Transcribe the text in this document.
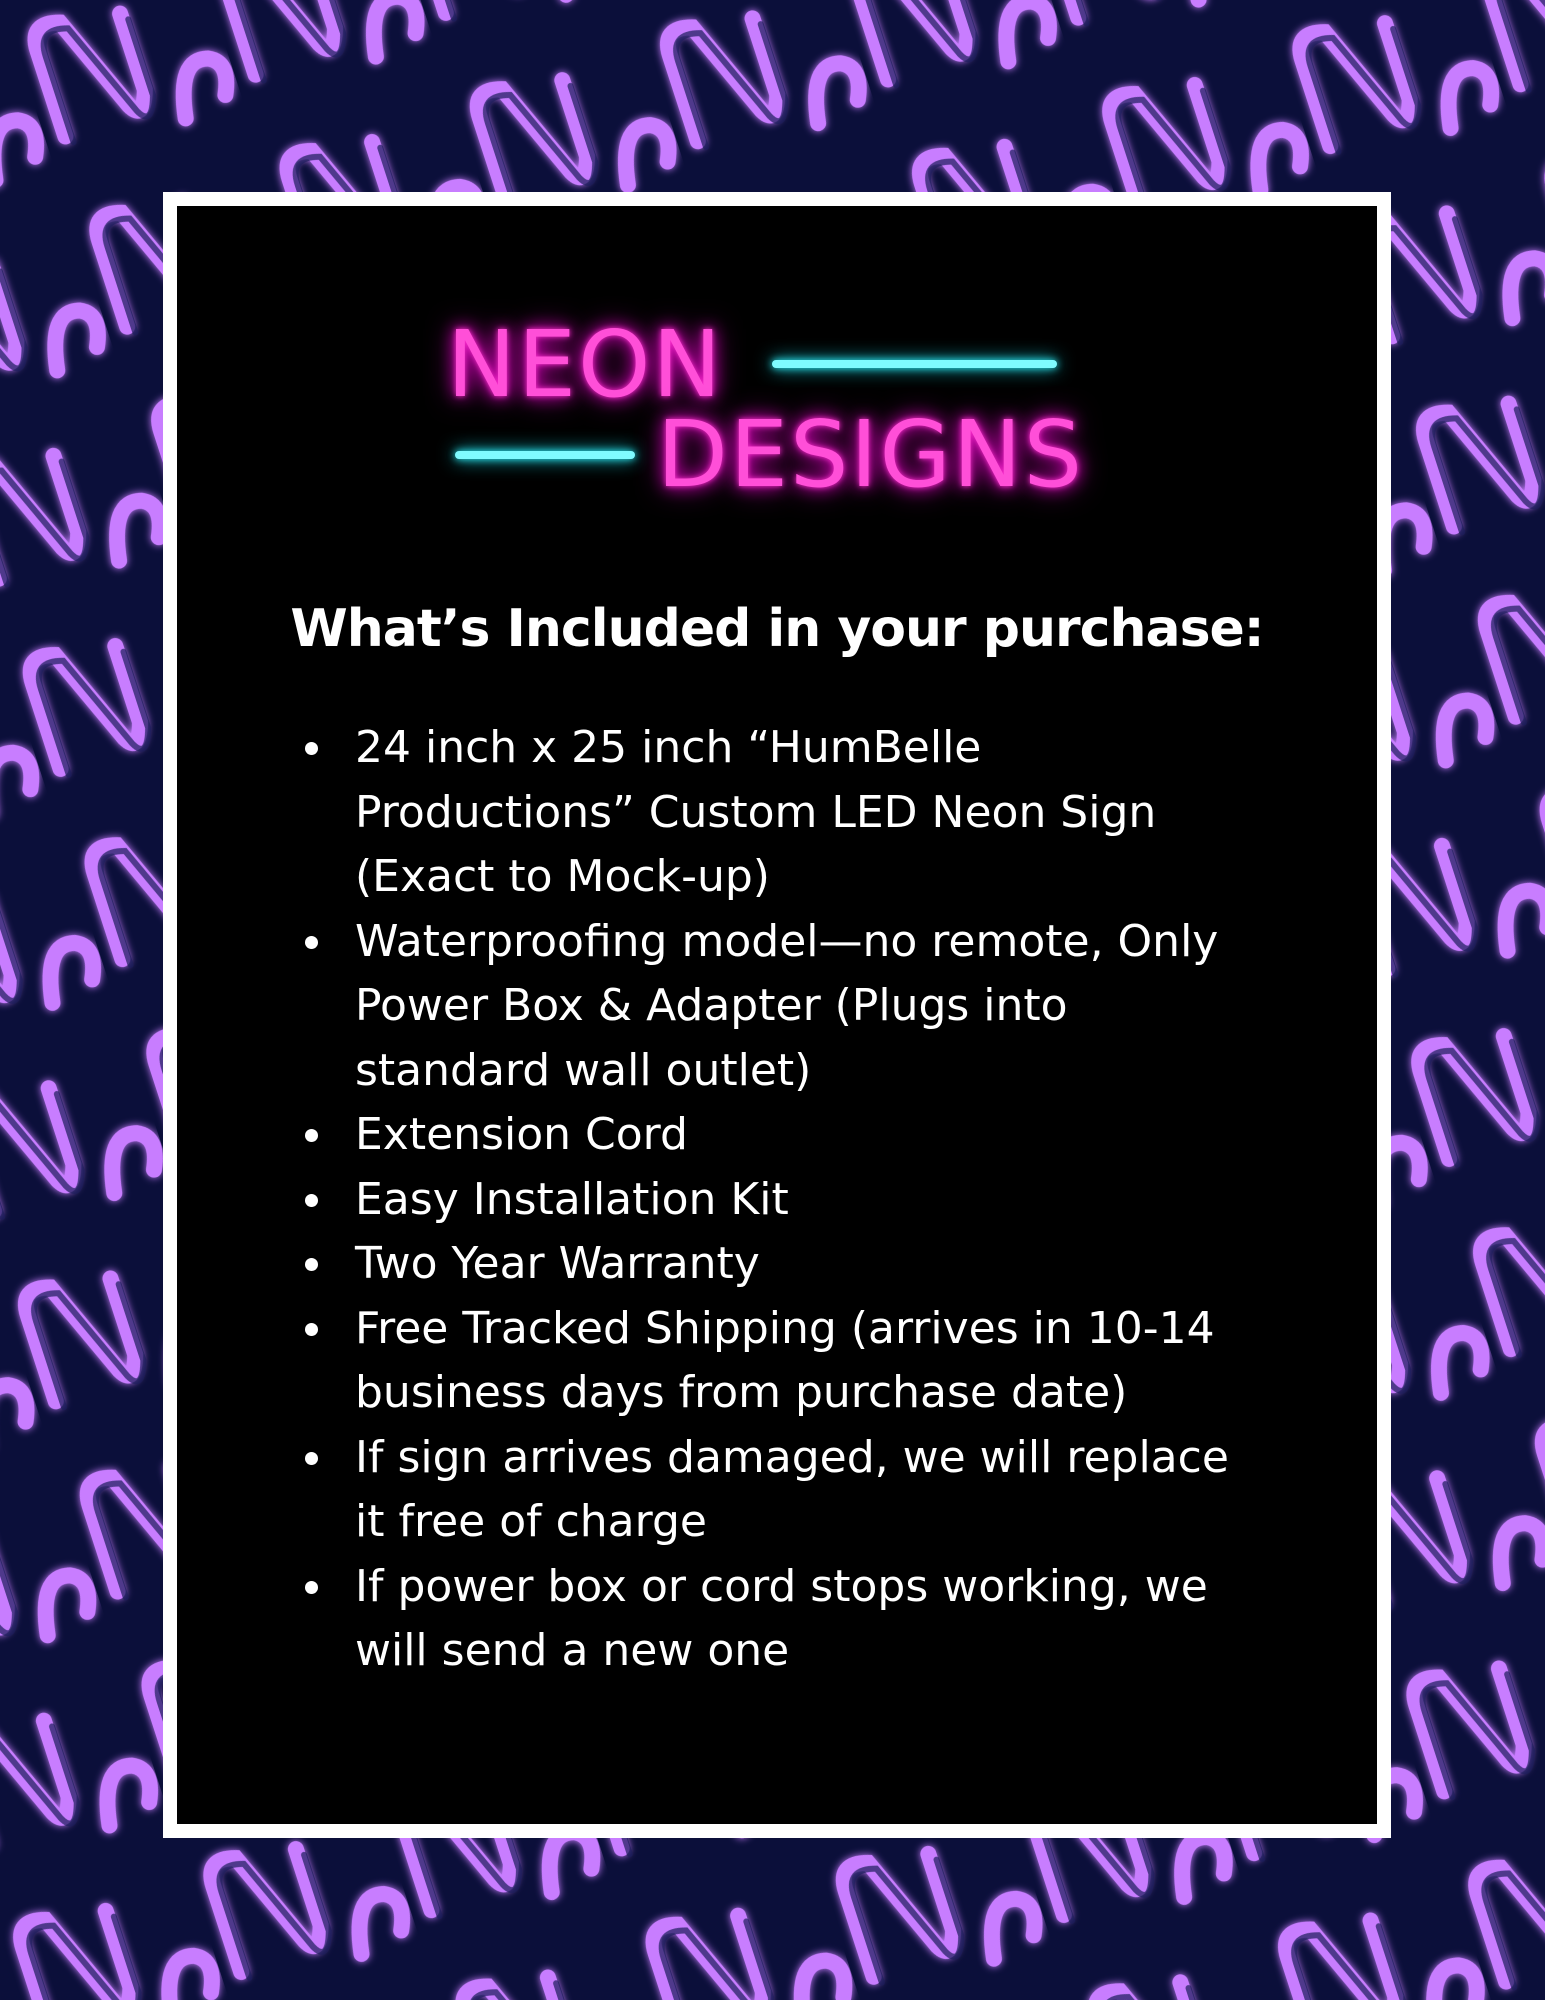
NEON
DESIGNS
What’s Included in your purchase:
24 inch x 25 inch “HumBelle Productions” Custom LED Neon Sign (Exact to Mock-up)
Waterproofing model—no remote, Only Power Box & Adapter (Plugs into standard wall outlet)
Extension Cord
Easy Installation Kit
Two Year Warranty
Free Tracked Shipping (arrives in 10-14 business days from purchase date)
If sign arrives damaged, we will replace it free of charge
If power box or cord stops working, we will send a new one
